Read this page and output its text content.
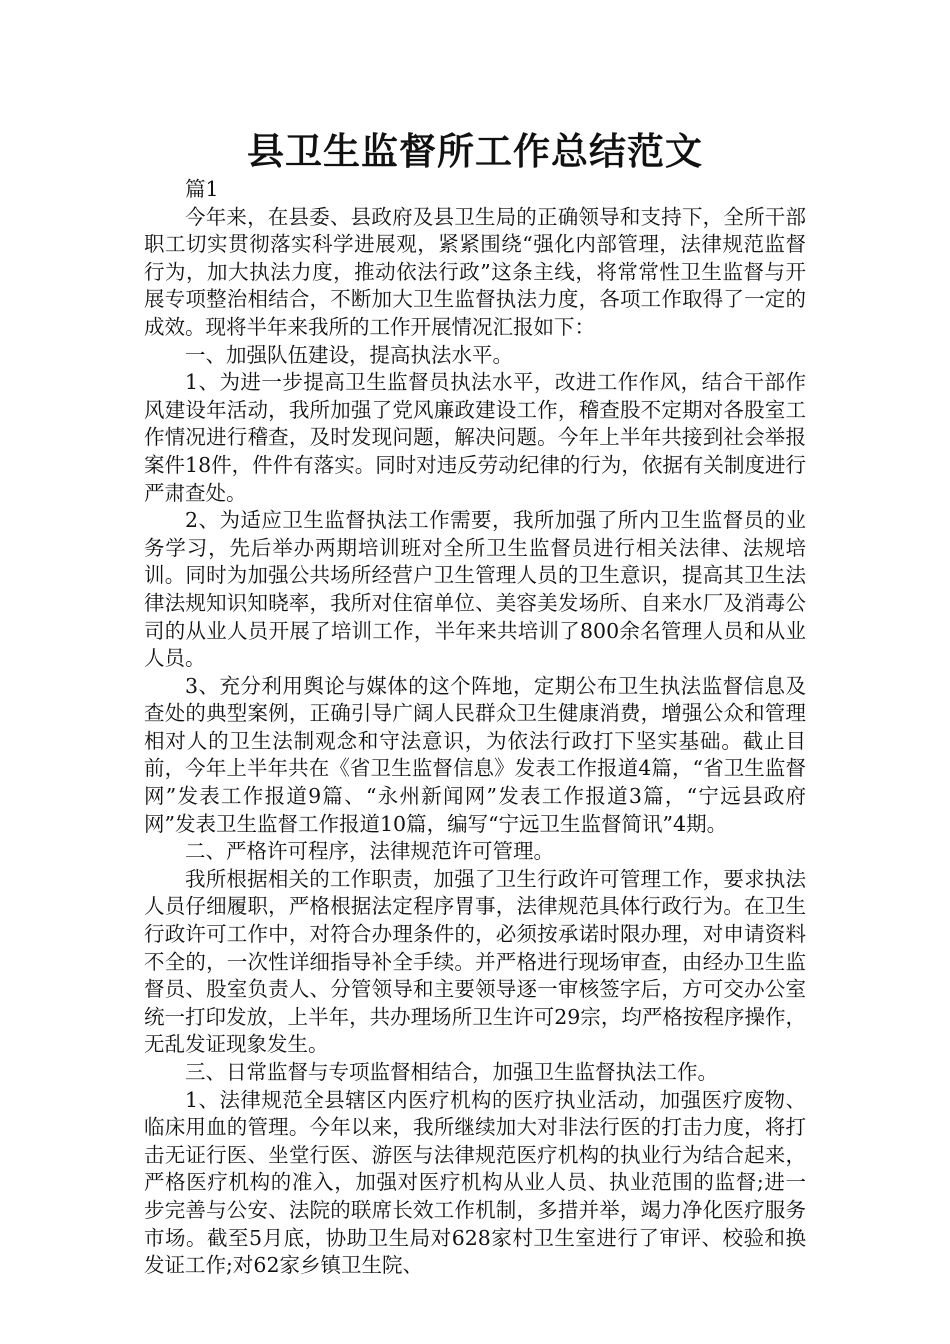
县卫生监督所工作总结范文

篇1

今年来，在县委、县政府及县卫生局的正确领导和支持下，全所干部职工切实贯彻落实科学进展观，紧紧围绕“强化内部管理，法律规范监督行为，加大执法力度，推动依法行政”这条主线，将常常性卫生监督与开展专项整治相结合，不断加大卫生监督执法力度，各项工作取得了一定的成效。现将半年来我所的工作开展情况汇报如下：

一、加强队伍建设，提高执法水平。

1、为进一步提高卫生监督员执法水平，改进工作作风，结合干部作风建设年活动，我所加强了党风廉政建设工作，稽查股不定期对各股室工作情况进行稽查，及时发现问题，解决问题。今年上半年共接到社会举报案件18件，件件有落实。同时对违反劳动纪律的行为，依据有关制度进行严肃查处。

2、为适应卫生监督执法工作需要，我所加强了所内卫生监督员的业务学习，先后举办两期培训班对全所卫生监督员进行相关法律、法规培训。同时为加强公共场所经营户卫生管理人员的卫生意识，提高其卫生法律法规知识知晓率，我所对住宿单位、美容美发场所、自来水厂及消毒公司的从业人员开展了培训工作，半年来共培训了800余名管理人员和从业人员。

3、充分利用舆论与媒体的这个阵地，定期公布卫生执法监督信息及查处的典型案例，正确引导广阔人民群众卫生健康消费，增强公众和管理相对人的卫生法制观念和守法意识，为依法行政打下坚实基础。截止目前，今年上半年共在《省卫生监督信息》发表工作报道4篇，“省卫生监督网”发表工作报道9篇、“永州新闻网”发表工作报道3篇，“宁远县政府网”发表卫生监督工作报道10篇，编写“宁远卫生监督简讯”4期。

二、严格许可程序，法律规范许可管理。

我所根据相关的工作职责，加强了卫生行政许可管理工作，要求执法人员仔细履职，严格根据法定程序胃事，法律规范具体行政行为。在卫生行政许可工作中，对符合办理条件的，必须按承诺时限办理，对申请资料不全的，一次性详细指导补全手续。并严格进行现场审查，由经办卫生监督员、股室负责人、分管领导和主要领导逐一审核签字后，方可交办公室统一打印发放，上半年，共办理场所卫生许可29宗，均严格按程序操作，无乱发证现象发生。

三、日常监督与专项监督相结合，加强卫生监督执法工作。

1、法律规范全县辖区内医疗机构的医疗执业活动，加强医疗废物、临床用血的管理。今年以来，我所继续加大对非法行医的打击力度，将打击无证行医、坐堂行医、游医与法律规范医疗机构的执业行为结合起来，严格医疗机构的准入，加强对医疗机构从业人员、执业范围的监督;进一步完善与公安、法院的联席长效工作机制，多措并举，竭力净化医疗服务市场。截至5月底，协助卫生局对628家村卫生室进行了审评、校验和换发证工作;对62家乡镇卫生院、
